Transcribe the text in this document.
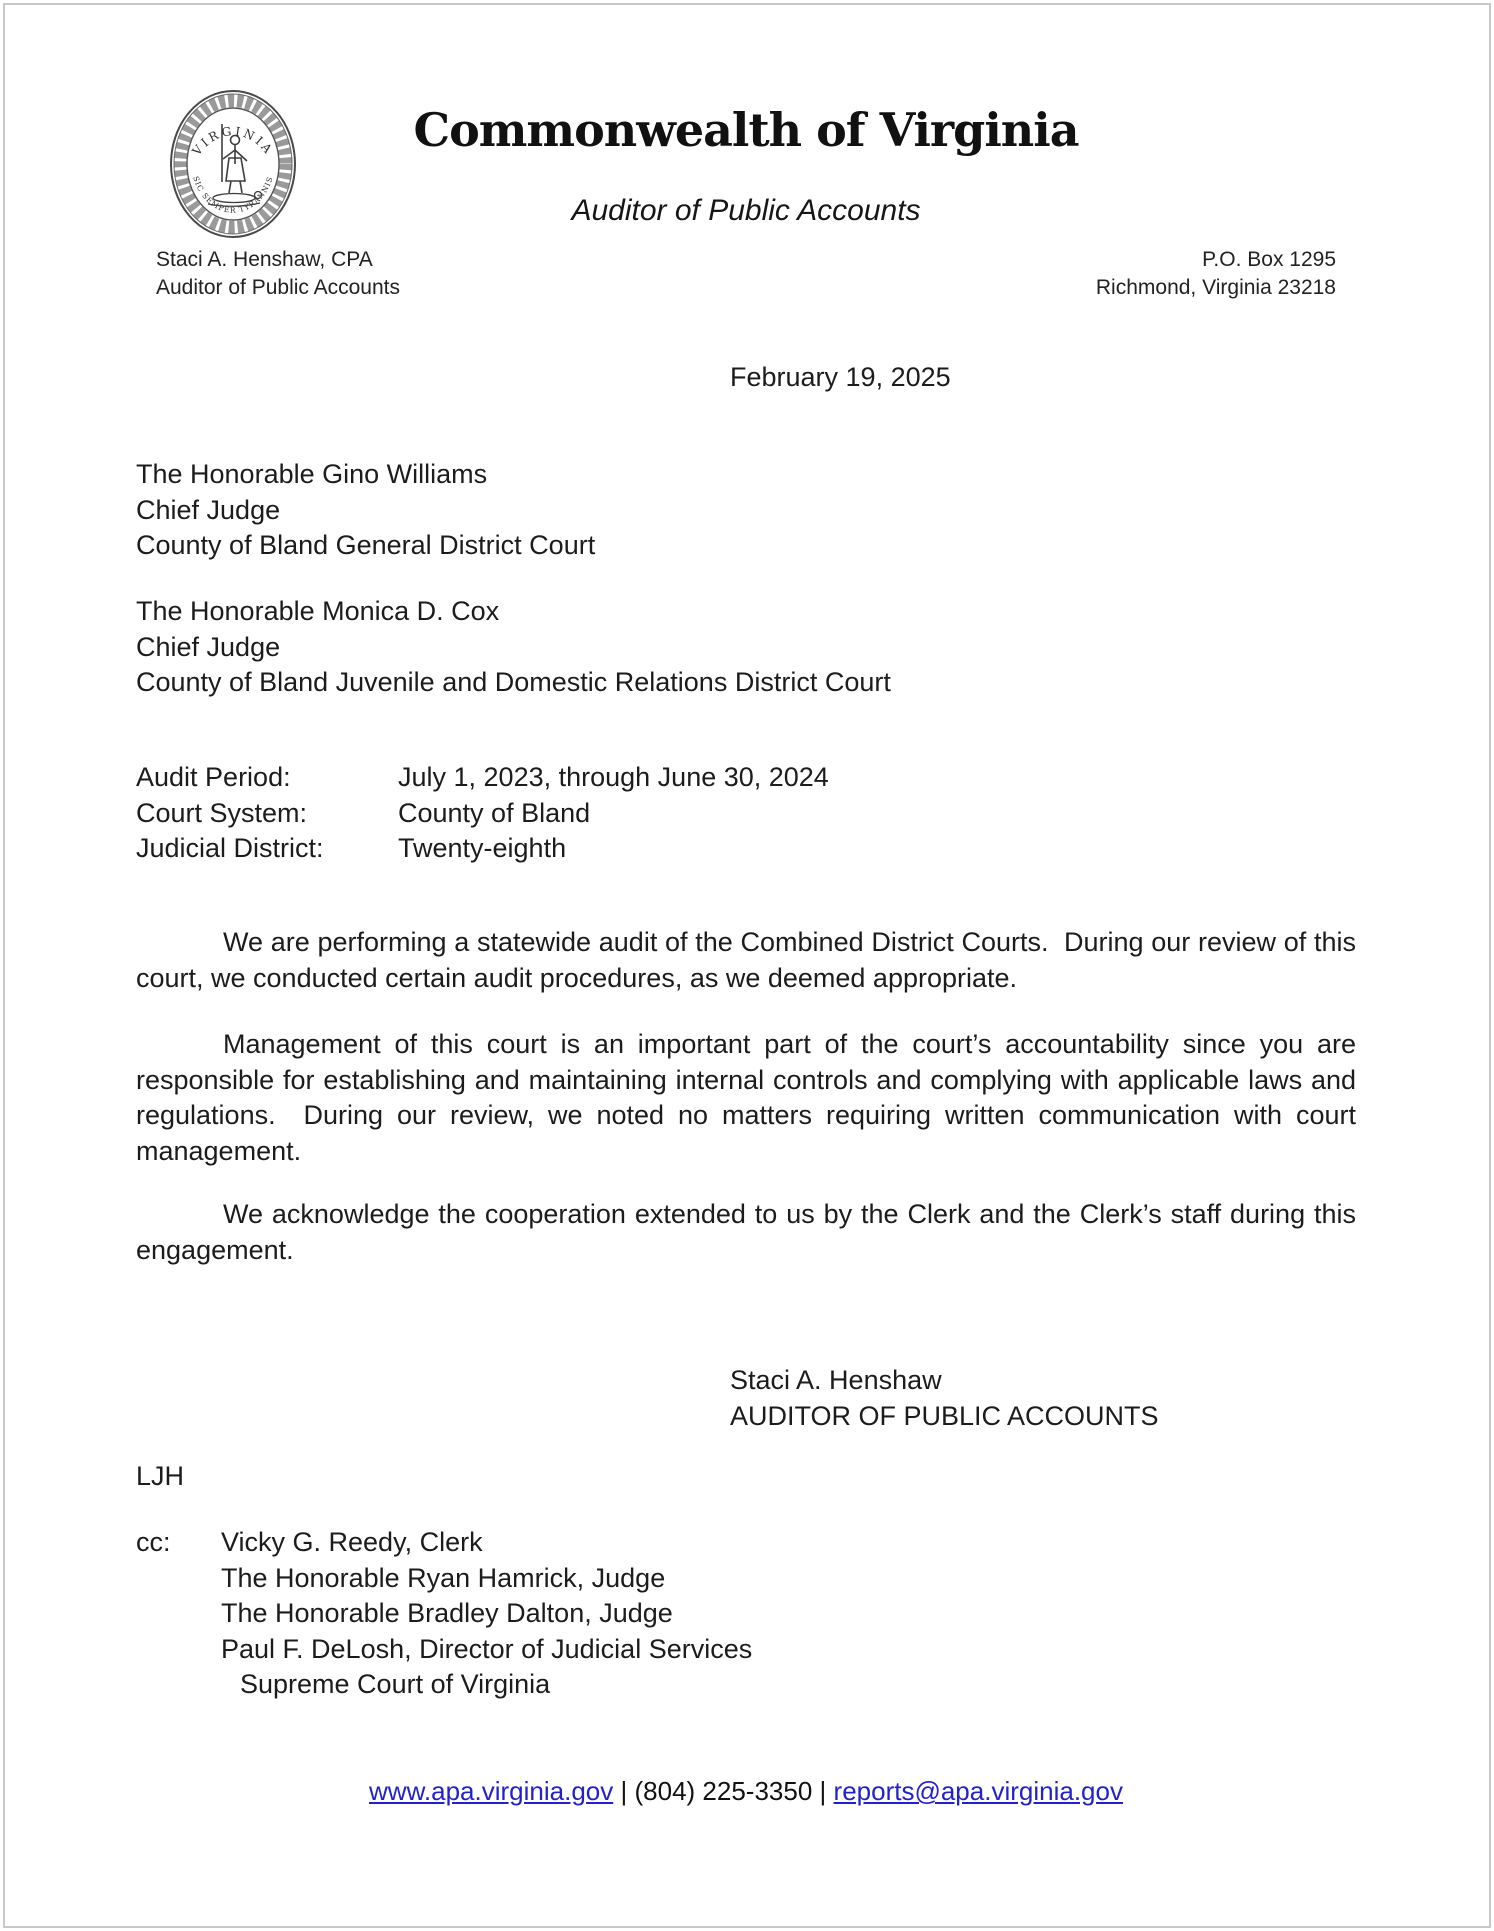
VIRGINIA
SIC SEMPER TYRANNIS
Commonwealth of Virginia
Auditor of Public Accounts
Staci A. Henshaw, CPA
Auditor of Public Accounts
P.O. Box 1295
Richmond, Virginia 23218
February 19, 2025
The Honorable Gino Williams
Chief Judge
County of Bland General District Court
The Honorable Monica D. Cox
Chief Judge
County of Bland Juvenile and Domestic Relations District Court
Audit Period:	July 1, 2023, through June 30, 2024
Court System:	County of Bland
Judicial District:	Twenty-eighth
We are performing a statewide audit of the Combined District Courts.  During our review of this court, we conducted certain audit procedures, as we deemed appropriate.
Management of this court is an important part of the court’s accountability since you are responsible for establishing and maintaining internal controls and complying with applicable laws and regulations.  During our review, we noted no matters requiring written communication with court management.
We acknowledge the cooperation extended to us by the Clerk and the Clerk’s staff during this engagement.
Staci A. Henshaw
AUDITOR OF PUBLIC ACCOUNTS
LJH
cc: Vicky G. Reedy, Clerk
The Honorable Ryan Hamrick, Judge
The Honorable Bradley Dalton, Judge
Paul F. DeLosh, Director of Judicial Services
Supreme Court of Virginia
www.apa.virginia.gov | (804) 225-3350 | reports@apa.virginia.gov
